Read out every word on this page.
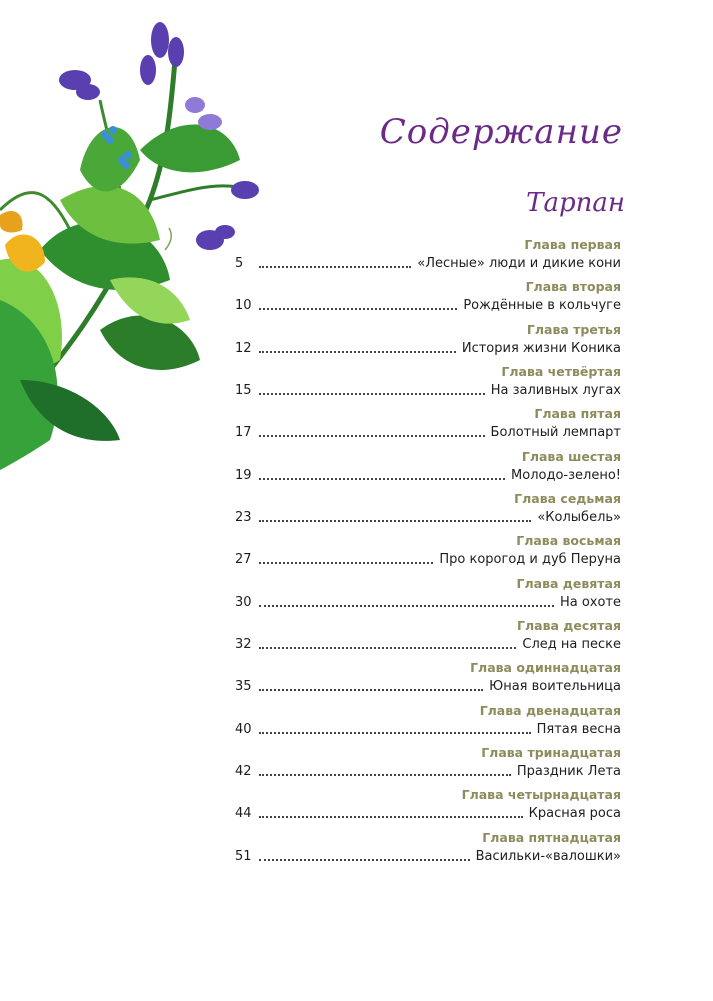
Содержание
Тарпан
Глава первая
5	«Лесные» люди и дикие кони
Глава вторая
10	Рождённые в кольчуге
Глава третья
12	История жизни Коника
Глава четвёртая
15	На заливных лугах
Глава пятая
17	Болотный лемпарт
Глава шестая
19	Молодо-зелено!
Глава седьмая
23	«Колыбель»
Глава восьмая
27	Про корогод и дуб Перуна
Глава девятая
30	На охоте
Глава десятая
32	След на песке
Глава одиннадцатая
35	Юная воительница
Глава двенадцатая
40	Пятая весна
Глава тринадцатая
42	Праздник Лета
Глава четырнадцатая
44	Красная роса
Глава пятнадцатая
51	Васильки-«валошки»
